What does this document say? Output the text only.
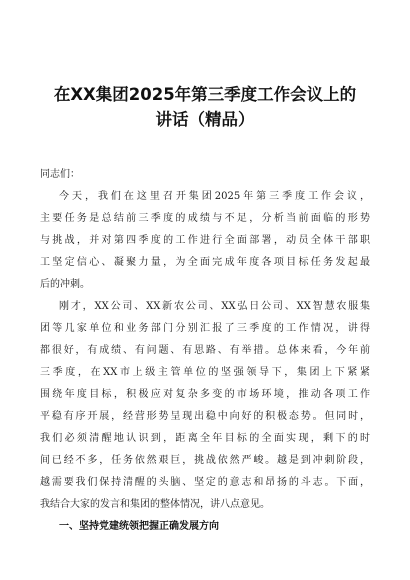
在XX集团2025年第三季度工作会议上的
讲话（精品）

同志们：

今天，我们在这里召开集团2025年第三季度工作会议，
主要任务是总结前三季度的成绩与不足，分析当前面临的形势
与挑战，并对第四季度的工作进行全面部署，动员全体干部职
工坚定信心、凝聚力量，为全面完成年度各项目标任务发起最
后的冲刺。
刚才，XX公司、XX新农公司、XX弘日公司、XX智慧农服集
团等几家单位和业务部门分别汇报了三季度的工作情况，讲得
都很好，有成绩、有问题、有思路、有举措。总体来看，今年前
三季度，在XX市上级主管单位的坚强领导下，集团上下紧紧
围绕年度目标，积极应对复杂多变的市场环境，推动各项工作
平稳有序开展，经营形势呈现出稳中向好的积极态势。但同时，
我们必须清醒地认识到，距离全年目标的全面实现，剩下的时
间已经不多，任务依然艰巨，挑战依然严峻。越是到冲刺阶段，
越需要我们保持清醒的头脑、坚定的意志和昂扬的斗志。下面，
我结合大家的发言和集团的整体情况，讲八点意见。
一、坚持党建统领把握正确发展方向
